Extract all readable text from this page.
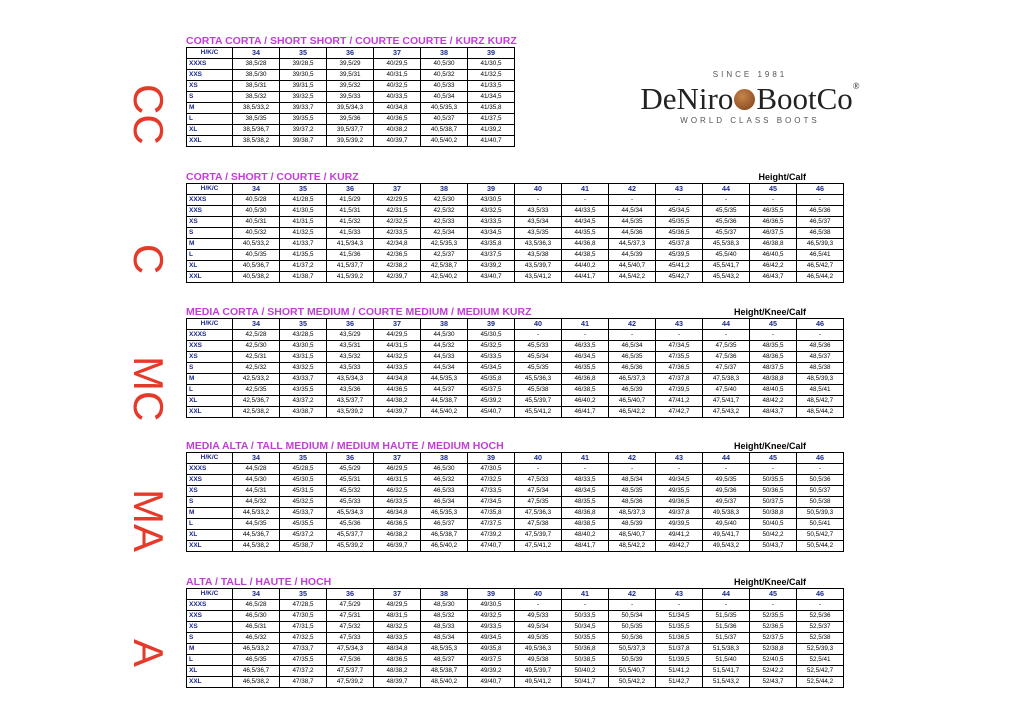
CC
C
MC
MA
A
SINCE 1981
DeNiro BootCo®
WORLD CLASS BOOTS
CORTA CORTA / SHORT SHORT / COURTE COURTE / KURZ KURZ
H/K/C	34	35	36	37	38	39
XXXS	38,5/28	39/28,5	39,5/29	40/29,5	40,5/30	41/30,5
XXS	38,5/30	39/30,5	39,5/31	40/31,5	40,5/32	41/32,5
XS	38,5/31	39/31,5	39,5/32	40/32,5	40,5/33	41/33,5
S	38,5/32	39/32,5	39,5/33	40/33,5	40,5/34	41/34,5
M	38,5/33,2	39/33,7	39,5/34,3	40/34,8	40,5/35,3	41/35,8
L	38,5/35	39/35,5	39,5/36	40/36,5	40,5/37	41/37,5
XL	38,5/36,7	39/37,2	39,5/37,7	40/38,2	40,5/38,7	41/39,2
XXL	38,5/38,2	39/38,7	39,5/39,2	40/39,7	40,5/40,2	41/40,7
CORTA / SHORT / COURTE / KURZ	Height/Calf
H/K/C	34	35	36	37	38	39	40	41	42	43	44	45	46
XXXS	40,5/28	41/28,5	41,5/29	42/29,5	42,5/30	43/30,5	-	-	-	-	-	-	-
XXS	40,5/30	41/30,5	41,5/31	42/31,5	42,5/32	43/32,5	43,5/33	44/33,5	44,5/34	45/34,5	45,5/35	46/35,5	46,5/36
XS	40,5/31	41/31,5	41,5/32	42/32,5	42,5/33	43/33,5	43,5/34	44/34,5	44,5/35	45/35,5	45,5/36	46/36,5	46,5/37
S	40,5/32	41/32,5	41,5/33	42/33,5	42,5/34	43/34,5	43,5/35	44/35,5	44,5/36	45/36,5	45,5/37	46/37,5	46,5/38
M	40,5/33,2	41/33,7	41,5/34,3	42/34,8	42,5/35,3	43/35,8	43,5/36,3	44/36,8	44,5/37,3	45/37,8	45,5/38,3	46/38,8	46,5/39,3
L	40,5/35	41/35,5	41,5/36	42/36,5	42,5/37	43/37,5	43,5/38	44/38,5	44,5/39	45/39,5	45,5/40	46/40,5	46,5/41
XL	40,5/36,7	41/37,2	41,5/37,7	42/38,2	42,5/38,7	43/39,2	43,5/39,7	44/40,2	44,5/40,7	45/41,2	45,5/41,7	46/42,2	46,5/42,7
XXL	40,5/38,2	41/38,7	41,5/39,2	42/39,7	42,5/40,2	43/40,7	43,5/41,2	44/41,7	44,5/42,2	45/42,7	45,5/43,2	46/43,7	46,5/44,2
MEDIA CORTA / SHORT MEDIUM / COURTE MEDIUM / MEDIUM KURZ	Height/Knee/Calf
H/K/C	34	35	36	37	38	39	40	41	42	43	44	45	46
XXXS	42,5/28	43/28,5	43,5/29	44/29,5	44,5/30	45/30,5	-	-	-	-	-	-	-
XXS	42,5/30	43/30,5	43,5/31	44/31,5	44,5/32	45/32,5	45,5/33	46/33,5	46,5/34	47/34,5	47,5/35	48/35,5	48,5/36
XS	42,5/31	43/31,5	43,5/32	44/32,5	44,5/33	45/33,5	45,5/34	46/34,5	46,5/35	47/35,5	47,5/36	48/36,5	48,5/37
S	42,5/32	43/32,5	43,5/33	44/33,5	44,5/34	45/34,5	45,5/35	46/35,5	46,5/36	47/36,5	47,5/37	48/37,5	48,5/38
M	42,5/33,2	43/33,7	43,5/34,3	44/34,8	44,5/35,3	45/35,8	45,5/36,3	46/36,8	46,5/37,3	47/37,8	47,5/38,3	48/38,8	48,5/39,3
L	42,5/35	43/35,5	43,5/36	44/36,5	44,5/37	45/37,5	45,5/38	46/38,5	46,5/39	47/39,5	47,5/40	48/40,5	48,5/41
XL	42,5/36,7	43/37,2	43,5/37,7	44/38,2	44,5/38,7	45/39,2	45,5/39,7	46/40,2	46,5/40,7	47/41,2	47,5/41,7	48/42,2	48,5/42,7
XXL	42,5/38,2	43/38,7	43,5/39,2	44/39,7	44,5/40,2	45/40,7	45,5/41,2	46/41,7	46,5/42,2	47/42,7	47,5/43,2	48/43,7	48,5/44,2
MEDIA ALTA / TALL MEDIUM / MEDIUM HAUTE / MEDIUM HOCH	Height/Knee/Calf
H/K/C	34	35	36	37	38	39	40	41	42	43	44	45	46
XXXS	44,5/28	45/28,5	45,5/29	46/29,5	46,5/30	47/30,5	-	-	-	-	-	-	-
XXS	44,5/30	45/30,5	45,5/31	46/31,5	46,5/32	47/32,5	47,5/33	48/33,5	48,5/34	49/34,5	49,5/35	50/35,5	50,5/36
XS	44,5/31	45/31,5	45,5/32	46/32,5	46,5/33	47/33,5	47,5/34	48/34,5	48,5/35	49/35,5	49,5/36	50/36,5	50,5/37
S	44,5/32	45/32,5	45,5/33	46/33,5	46,5/34	47/34,5	47,5/35	48/35,5	48,5/36	49/36,5	49,5/37	50/37,5	50,5/38
M	44,5/33,2	45/33,7	45,5/34,3	46/34,8	46,5/35,3	47/35,8	47,5/36,3	48/36,8	48,5/37,3	49/37,8	49,5/38,3	50/38,8	50,5/39,3
L	44,5/35	45/35,5	45,5/36	46/36,5	46,5/37	47/37,5	47,5/38	48/38,5	48,5/39	49/39,5	49,5/40	50/40,5	50,5/41
XL	44,5/36,7	45/37,2	45,5/37,7	46/38,2	46,5/38,7	47/39,2	47,5/39,7	48/40,2	48,5/40,7	49/41,2	49,5/41,7	50/42,2	50,5/42,7
XXL	44,5/38,2	45/38,7	45,5/39,2	46/39,7	46,5/40,2	47/40,7	47,5/41,2	48/41,7	48,5/42,2	49/42,7	49,5/43,2	50/43,7	50,5/44,2
ALTA / TALL / HAUTE / HOCH	Height/Knee/Calf
H/K/C	34	35	36	37	38	39	40	41	42	43	44	45	46
XXXS	46,5/28	47/28,5	47,5/29	48/29,5	48,5/30	49/30,5	-	-	-	-	-	-	-
XXS	46,5/30	47/30,5	47,5/31	48/31,5	48,5/32	49/32,5	49,5/33	50/33,5	50,5/34	51/34,5	51,5/35	52/35,5	52,5/36
XS	46,5/31	47/31,5	47,5/32	48/32,5	48,5/33	49/33,5	49,5/34	50/34,5	50,5/35	51/35,5	51,5/36	52/36,5	52,5/37
S	46,5/32	47/32,5	47,5/33	48/33,5	48,5/34	49/34,5	49,5/35	50/35,5	50,5/36	51/36,5	51,5/37	52/37,5	52,5/38
M	46,5/33,2	47/33,7	47,5/34,3	48/34,8	48,5/35,3	49/35,8	49,5/36,3	50/36,8	50,5/37,3	51/37,8	51,5/38,3	52/38,8	52,5/39,3
L	46,5/35	47/35,5	47,5/36	48/36,5	48,5/37	49/37,5	49,5/38	50/38,5	50,5/39	51/39,5	51,5/40	52/40,5	52,5/41
XL	46,5/36,7	47/37,2	47,5/37,7	48/38,2	48,5/38,7	49/39,2	49,5/39,7	50/40,2	50,5/40,7	51/41,2	51,5/41,7	52/42,2	52,5/42,7
XXL	46,5/38,2	47/38,7	47,5/39,2	48/39,7	48,5/40,2	49/40,7	49,5/41,2	50/41,7	50,5/42,2	51/42,7	51,5/43,2	52/43,7	52,5/44,2
